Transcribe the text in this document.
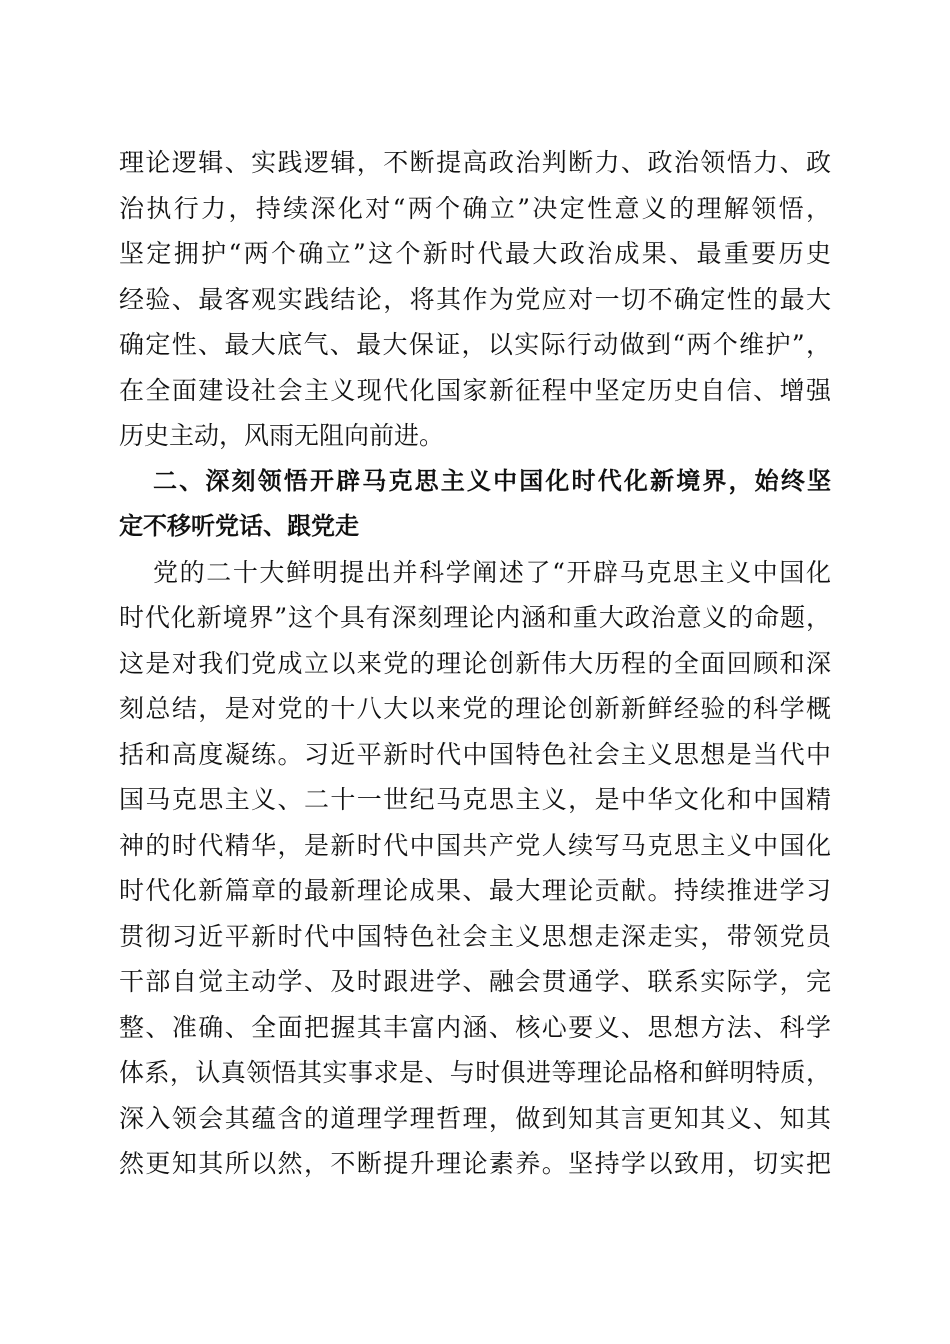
理论逻辑、实践逻辑，不断提高政治判断力、政治领悟力、政
治执行力，持续深化对“两个确立”决定性意义的理解领悟，
坚定拥护“两个确立”这个新时代最大政治成果、最重要历史
经验、最客观实践结论，将其作为党应对一切不确定性的最大
确定性、最大底气、最大保证，以实际行动做到“两个维护”，
在全面建设社会主义现代化国家新征程中坚定历史自信、增强
历史主动，风雨无阻向前进。
二、深刻领悟开辟马克思主义中国化时代化新境界，始终坚
定不移听党话、跟党走
党的二十大鲜明提出并科学阐述了“开辟马克思主义中国化
时代化新境界”这个具有深刻理论内涵和重大政治意义的命题，
这是对我们党成立以来党的理论创新伟大历程的全面回顾和深
刻总结，是对党的十八大以来党的理论创新新鲜经验的科学概
括和高度凝练。习近平新时代中国特色社会主义思想是当代中
国马克思主义、二十一世纪马克思主义，是中华文化和中国精
神的时代精华，是新时代中国共产党人续写马克思主义中国化
时代化新篇章的最新理论成果、最大理论贡献。持续推进学习
贯彻习近平新时代中国特色社会主义思想走深走实，带领党员
干部自觉主动学、及时跟进学、融会贯通学、联系实际学，完
整、准确、全面把握其丰富内涵、核心要义、思想方法、科学
体系，认真领悟其实事求是、与时俱进等理论品格和鲜明特质，
深入领会其蕴含的道理学理哲理，做到知其言更知其义、知其
然更知其所以然，不断提升理论素养。坚持学以致用，切实把
